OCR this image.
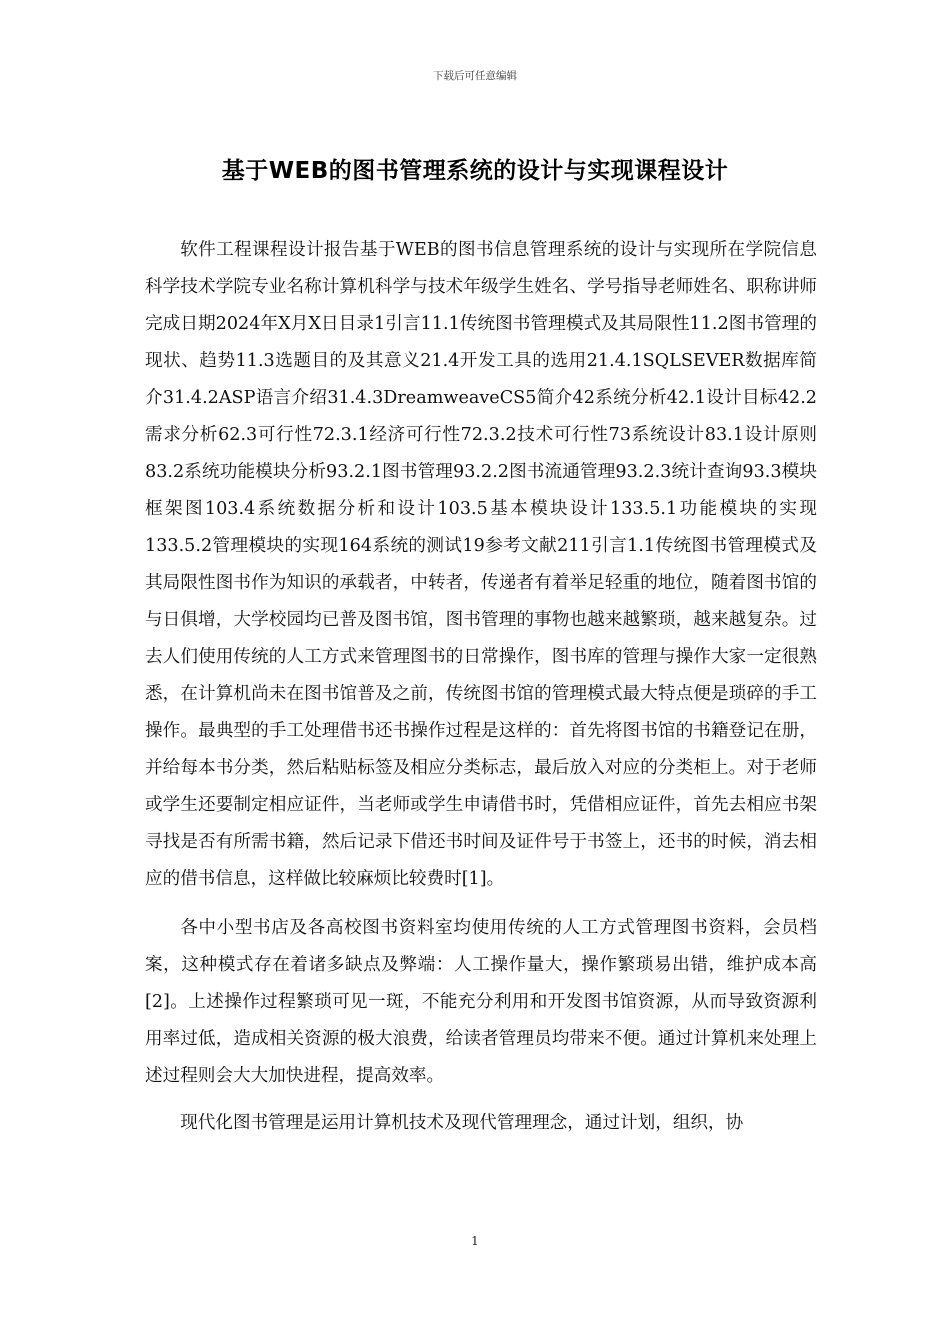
下载后可任意编辑
基于WEB的图书管理系统的设计与实现课程设计

软件工程课程设计报告基于WEB的图书信息管理系统的设计与实现所在学院信息科学技术学院专业名称计算机科学与技术年级学生姓名、学号指导老师姓名、职称讲师完成日期2024年X月X日目录1引言11.1传统图书管理模式及其局限性11.2图书管理的现状、趋势11.3选题目的及其意义21.4开发工具的选用21.4.1SQLSEVER数据库简介31.4.2ASP语言介绍31.4.3DreamweaveCS5简介42系统分析42.1设计目标42.2需求分析62.3可行性72.3.1经济可行性72.3.2技术可行性73系统设计83.1设计原则83.2系统功能模块分析93.2.1图书管理93.2.2图书流通管理93.2.3统计查询93.3模块框架图103.4系统数据分析和设计103.5基本模块设计133.5.1功能模块的实现133.5.2管理模块的实现164系统的测试19参考文献211引言1.1传统图书管理模式及其局限性图书作为知识的承载者，中转者，传递者有着举足轻重的地位，随着图书馆的与日俱增，大学校园均已普及图书馆，图书管理的事物也越来越繁琐，越来越复杂。过去人们使用传统的人工方式来管理图书的日常操作，图书库的管理与操作大家一定很熟悉，在计算机尚未在图书馆普及之前，传统图书馆的管理模式最大特点便是琐碎的手工操作。最典型的手工处理借书还书操作过程是这样的：首先将图书馆的书籍登记在册，并给每本书分类，然后粘贴标签及相应分类标志，最后放入对应的分类柜上。对于老师或学生还要制定相应证件，当老师或学生申请借书时，凭借相应证件，首先去相应书架寻找是否有所需书籍，然后记录下借还书时间及证件号于书签上，还书的时候，消去相应的借书信息，这样做比较麻烦比较费时[1]。

各中小型书店及各高校图书资料室均使用传统的人工方式管理图书资料，会员档案，这种模式存在着诸多缺点及弊端：人工操作量大，操作繁琐易出错，维护成本高[2]。上述操作过程繁琐可见一斑，不能充分利用和开发图书馆资源，从而导致资源利用率过低，造成相关资源的极大浪费，给读者管理员均带来不便。通过计算机来处理上述过程则会大大加快进程，提高效率。

现代化图书管理是运用计算机技术及现代管理理念，通过计划，组织，协

1
